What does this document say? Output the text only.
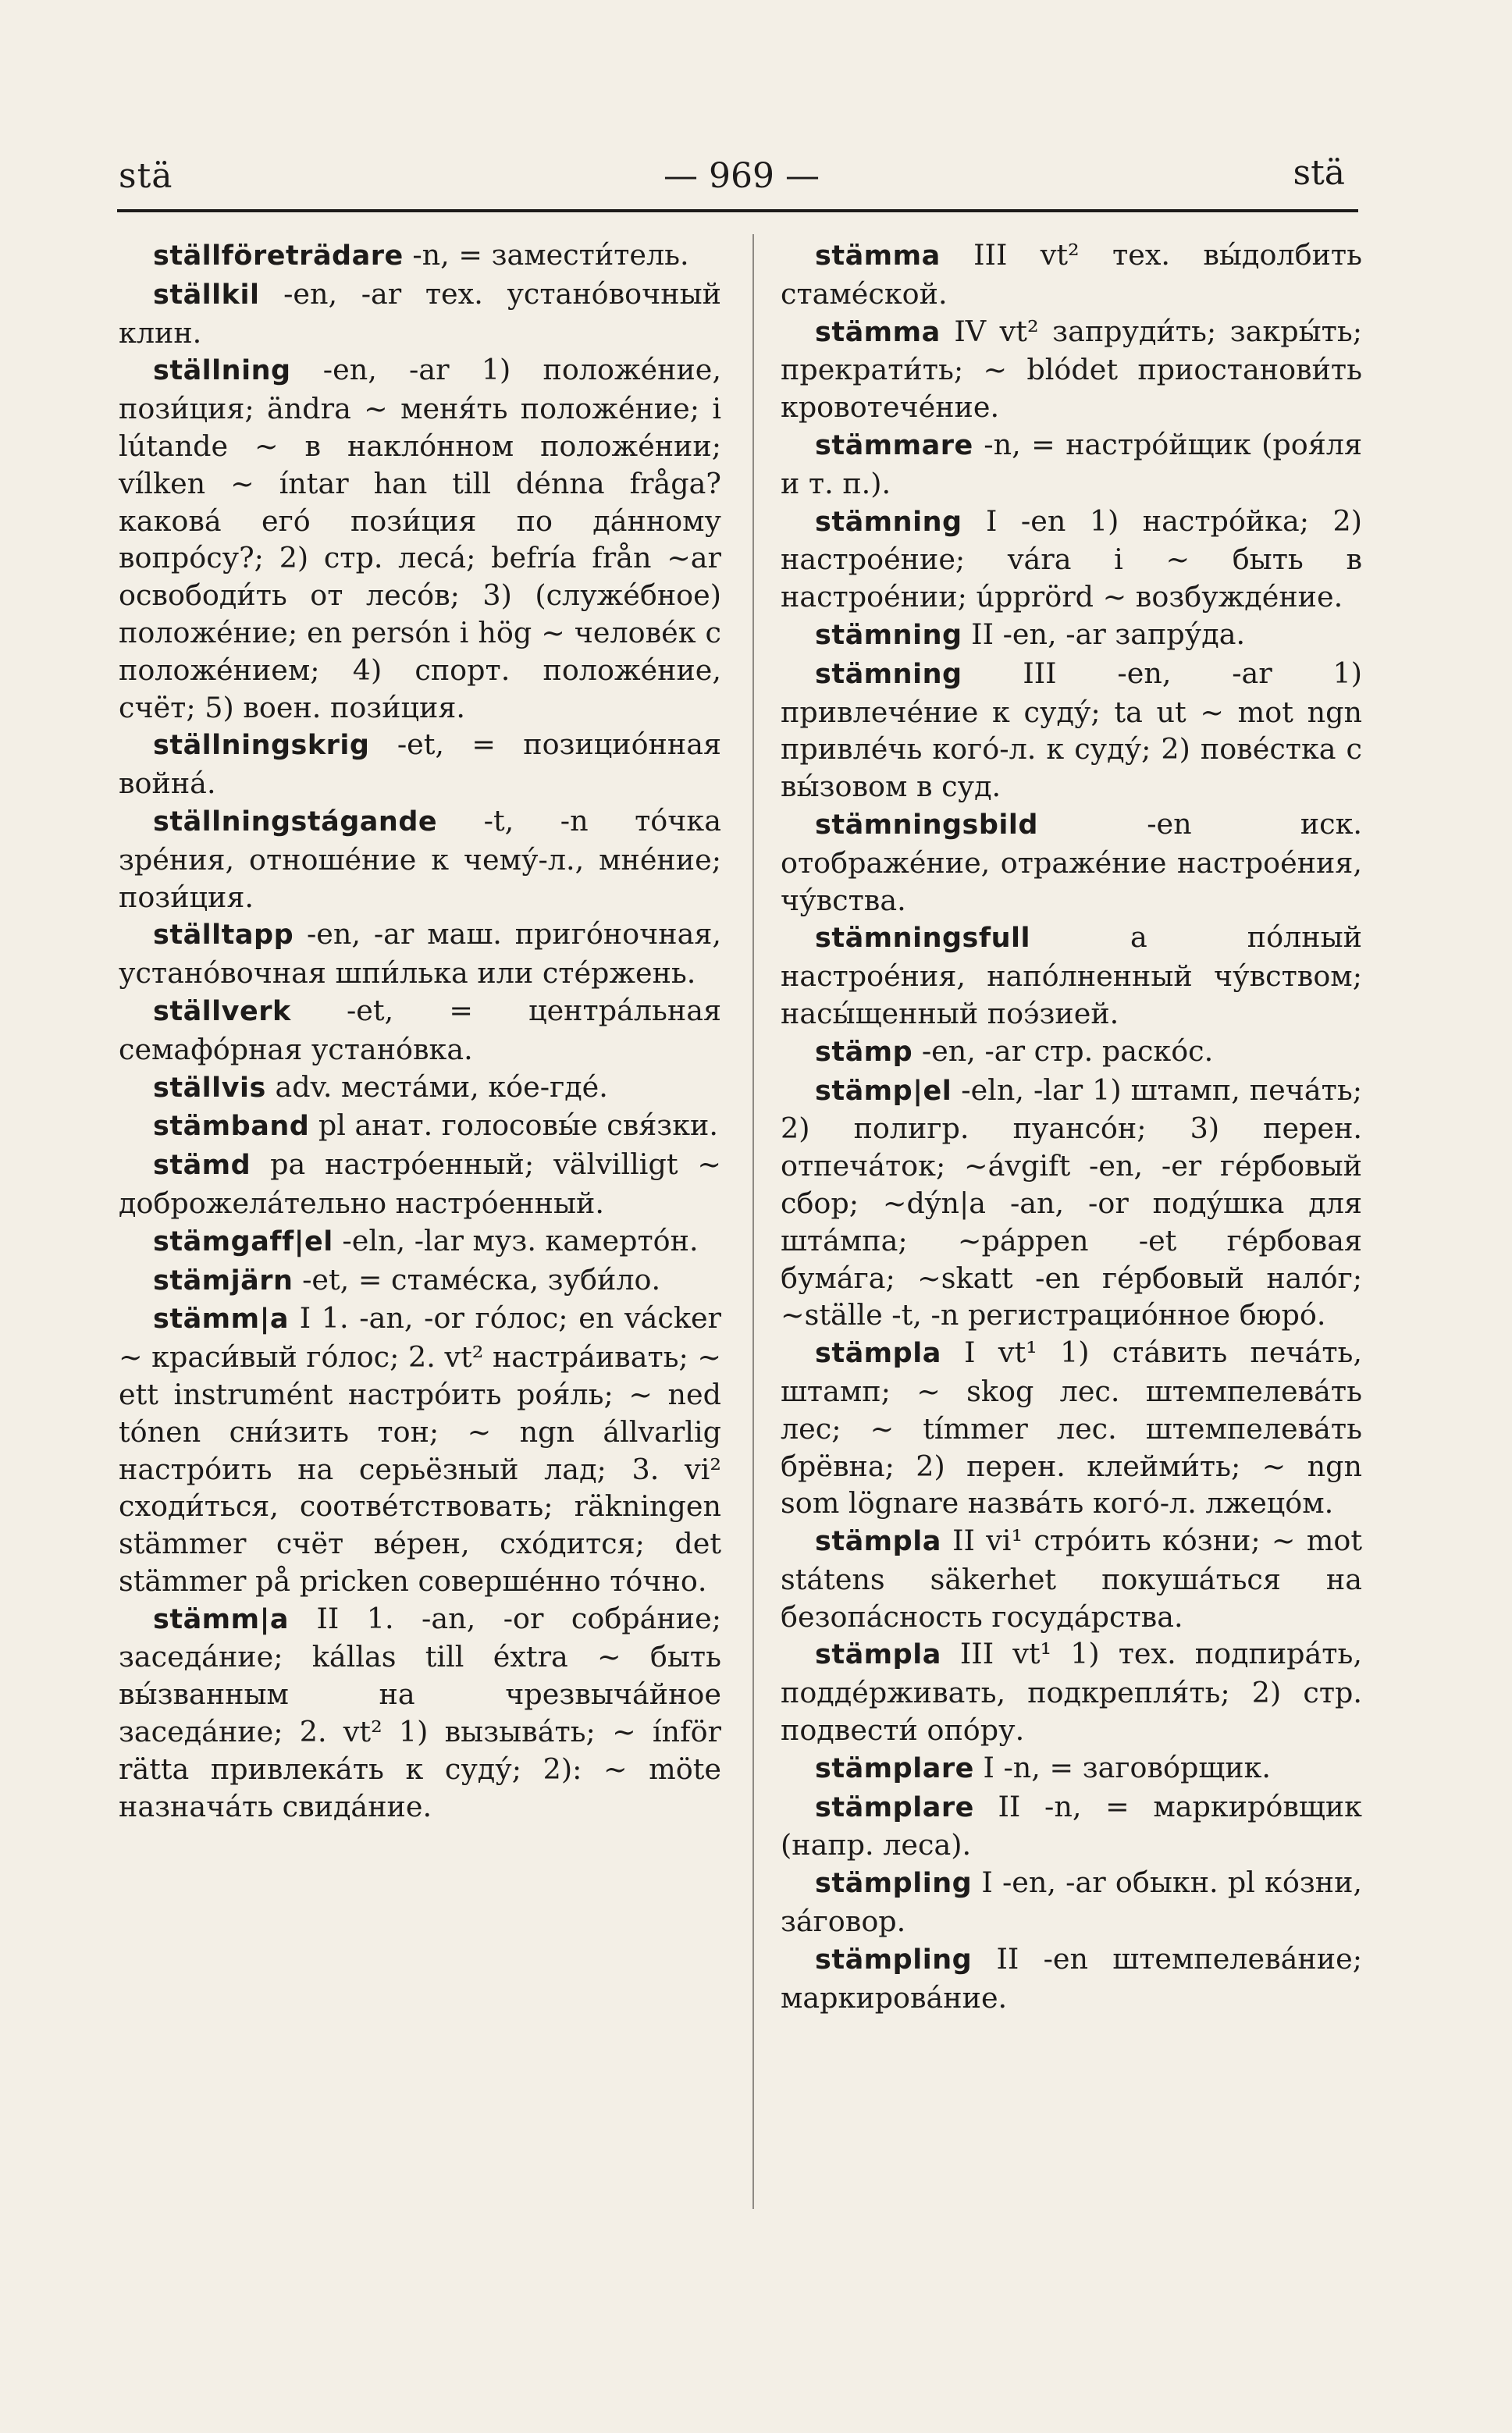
stä	— 969 —	stä

ställföreträdare -n, = замести́тель.

ställkil -en, -ar тех. устано́вочный клин.

ställning -en, -ar 1) положе́ние, пози́ция; ändra ~ меня́ть положе́ние; i lútande ~ в накло́нном положе́нии; vílken ~ íntar han till dénna fråga? какова́ его́ пози́ция по да́нному вопро́су?; 2) стр. леса́; befría från ~ar освободи́ть от лесо́в; 3) (служе́бное) положе́ние; en persón i hög ~ челове́к с положе́нием; 4) спорт. положе́ние, счёт; 5) воен. пози́ция.

ställningskrig -et, = позицио́нная война́.

ställningstágande -t, -n то́чка зре́ния, отноше́ние к чему́-л., мне́ние; пози́ция.

ställtapp -en, -ar маш. пригóночная, устано́вочная шпи́лька или сте́ржень.

ställverk -et, = центра́льная семафо́рная устано́вка.

ställvis adv. места́ми, ко́е-где́.

stämband pl анат. голосовы́е свя́зки.

stämd pa настро́енный; välvilligt ~ доброжела́тельно настро́енный.

stämgaff|el -eln, -lar муз. камерто́н.

stämjärn -et, = стаме́ска, зуби́ло.

stämm|a I 1. -an, -or го́лос; en vácker ~ краси́вый го́лос; 2. vt² настра́ивать; ~ ett instrumént настро́ить роя́ль; ~ ned tónen сни́зить тон; ~ ngn állvarlig настро́ить на серьёзный лад; 3. vi² сходи́ться, соотве́тствовать; räkningen stämmer счёт ве́рен, схо́дится; det stämmer på pricken соверше́нно то́чно.

stämm|a II 1. -an, -or собра́ние; заседа́ние; kállas till éxtra ~ быть вы́званным на чрезвыча́йное заседа́ние; 2. vt² 1) вызыва́ть; ~ ínför rätta привлека́ть к суду́; 2): ~ möte назнача́ть свида́ние.

stämma III vt² тех. вы́долбить стаме́ской.

stämma IV vt² запруди́ть; закры́ть; прекрати́ть; ~ blódet приостанови́ть кровотече́ние.

stämmare -n, = настро́йщик (роя́ля и т. п.).

stämning I -en 1) настро́йка; 2) настрое́ние; vára i ~ быть в настрое́нии; úpprörd ~ возбужде́ние.

stämning II -en, -ar запру́да.

stämning III -en, -ar 1) привлече́ние к суду́; ta ut ~ mot ngn привле́чь кого́-л. к суду́; 2) пове́стка с вы́зовом в суд.

stämningsbild	-en иск. отображе́ние, отраже́ние настрое́ния, чу́вства.

stämningsfull	a по́лный настрое́ния, напо́лненный чу́вством; насы́щенный поэ́зией.

stämp -en, -ar стр. раско́с.

stämp|el -eln, -lar 1) штамп, печа́ть; 2) полигр. пуансо́н; 3) перен. отпеча́ток; ~ávgift -en, -er ге́рбовый сбор; ~dýn|a -an, -or поду́шка для шта́мпа; ~páppen -et ге́рбовая бума́га; ~skatt -en ге́рбовый нало́г; ~ställe -t, -n регистрацио́нное бюро́.

stämpla I vt¹ 1) ста́вить печа́ть, штамп; ~ skog лес. штемпелева́ть лес; ~ tímmer лес. штемпелева́ть брёвна; 2) перен. клейми́ть; ~ ngn som lögnare назва́ть кого́-л. лжецо́м.

stämpla II vi¹ стро́ить ко́зни; ~ mot státens säkerhet покуша́ться на безопа́сность госуда́рства.

stämpla III vt¹ 1) тех. подпира́ть, подде́рживать, подкрепля́ть; 2) стр. подвести́ опо́ру.

stämplare I -n, = заговóрщик.

stämplare II -n, = маркиро́вщик (напр. леса).

stämpling I -en, -ar обыкн. pl ко́зни, за́говор.

stämpling II -en штемпелева́ние; маркирова́ние.
